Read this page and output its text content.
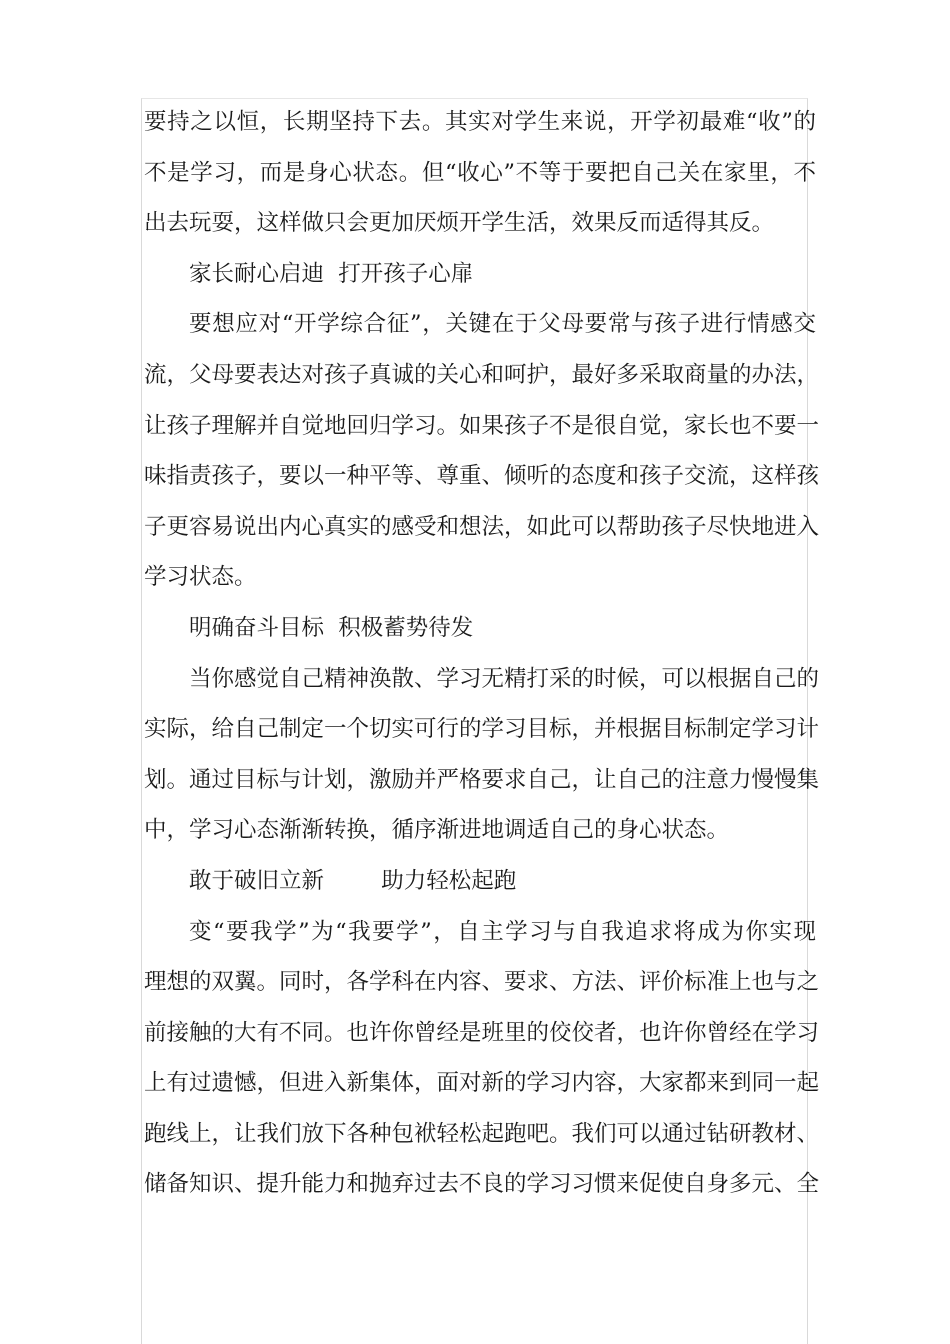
要持之以恒，长期坚持下去。其实对学生来说，开学初最难“收”的
不是学习，而是身心状态。但“收心”不等于要把自己关在家里，不
出去玩耍，这样做只会更加厌烦开学生活，效果反而适得其反。
家长耐心启迪  打开孩子心扉
要想应对“开学综合征”，关键在于父母要常与孩子进行情感交
流，父母要表达对孩子真诚的关心和呵护，最好多采取商量的办法，
让孩子理解并自觉地回归学习。如果孩子不是很自觉，家长也不要一
味指责孩子，要以一种平等、尊重、倾听的态度和孩子交流，这样孩
子更容易说出内心真实的感受和想法，如此可以帮助孩子尽快地进入
学习状态。
明确奋斗目标  积极蓄势待发
当你感觉自己精神涣散、学习无精打采的时候，可以根据自己的
实际，给自己制定一个切实可行的学习目标，并根据目标制定学习计
划。通过目标与计划，激励并严格要求自己，让自己的注意力慢慢集
中，学习心态渐渐转换，循序渐进地调适自己的身心状态。
敢于破旧立新        助力轻松起跑
变“要我学”为“我要学”，自主学习与自我追求将成为你实现
理想的双翼。同时，各学科在内容、要求、方法、评价标准上也与之
前接触的大有不同。也许你曾经是班里的佼佼者，也许你曾经在学习
上有过遗憾，但进入新集体，面对新的学习内容，大家都来到同一起
跑线上，让我们放下各种包袱轻松起跑吧。我们可以通过钻研教材、
储备知识、提升能力和抛弃过去不良的学习习惯来促使自身多元、全
